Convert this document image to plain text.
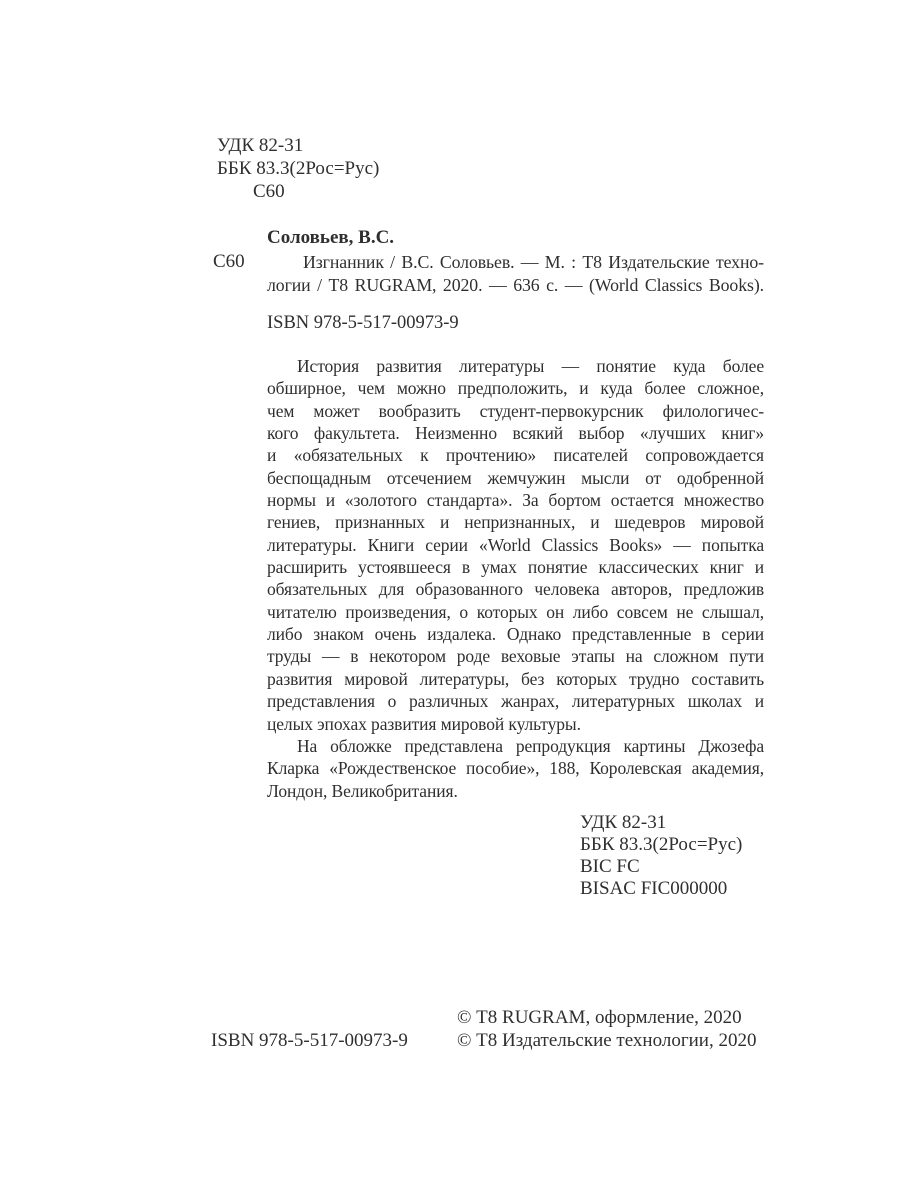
УДК 82-31
ББК 83.3(2Рос=Рус)
С60
Соловьев, В.С.
С60	Изгнанник / В.С. Соловьев. — М. : Т8 Издательские техно-
логии / Т8 RUGRAM, 2020. — 636 с. — (World Classics Books).
ISBN 978-5-517-00973-9
История развития литературы — понятие куда более
обширное, чем можно предположить, и куда более сложное,
чем может вообразить студент-первокурсник филологичес-
кого факультета. Неизменно всякий выбор «лучших книг»
и «обязательных к прочтению» писателей сопровождается
беспощадным отсечением жемчужин мысли от одобренной
нормы и «золотого стандарта». За бортом остается множество
гениев, признанных и непризнанных, и шедевров мировой
литературы. Книги серии «World Classics Books» — попытка
расширить устоявшееся в умах понятие классических книг и
обязательных для образованного человека авторов, предложив
читателю произведения, о которых он либо совсем не слышал,
либо знаком очень издалека. Однако представленные в серии
труды — в некотором роде веховые этапы на сложном пути
развития мировой литературы, без которых трудно составить
представления о различных жанрах, литературных школах и
целых эпохах развития мировой культуры.
На обложке представлена репродукция картины Джозефа
Кларка «Рождественское пособие», 188, Королевская академия,
Лондон, Великобритания.
УДК 82-31
ББК 83.3(2Рос=Рус)
BIC FC
BISAC FIC000000
ISBN 978-5-517-00973-9
© Т8 RUGRAM, оформление, 2020
© Т8 Издательские технологии, 2020
